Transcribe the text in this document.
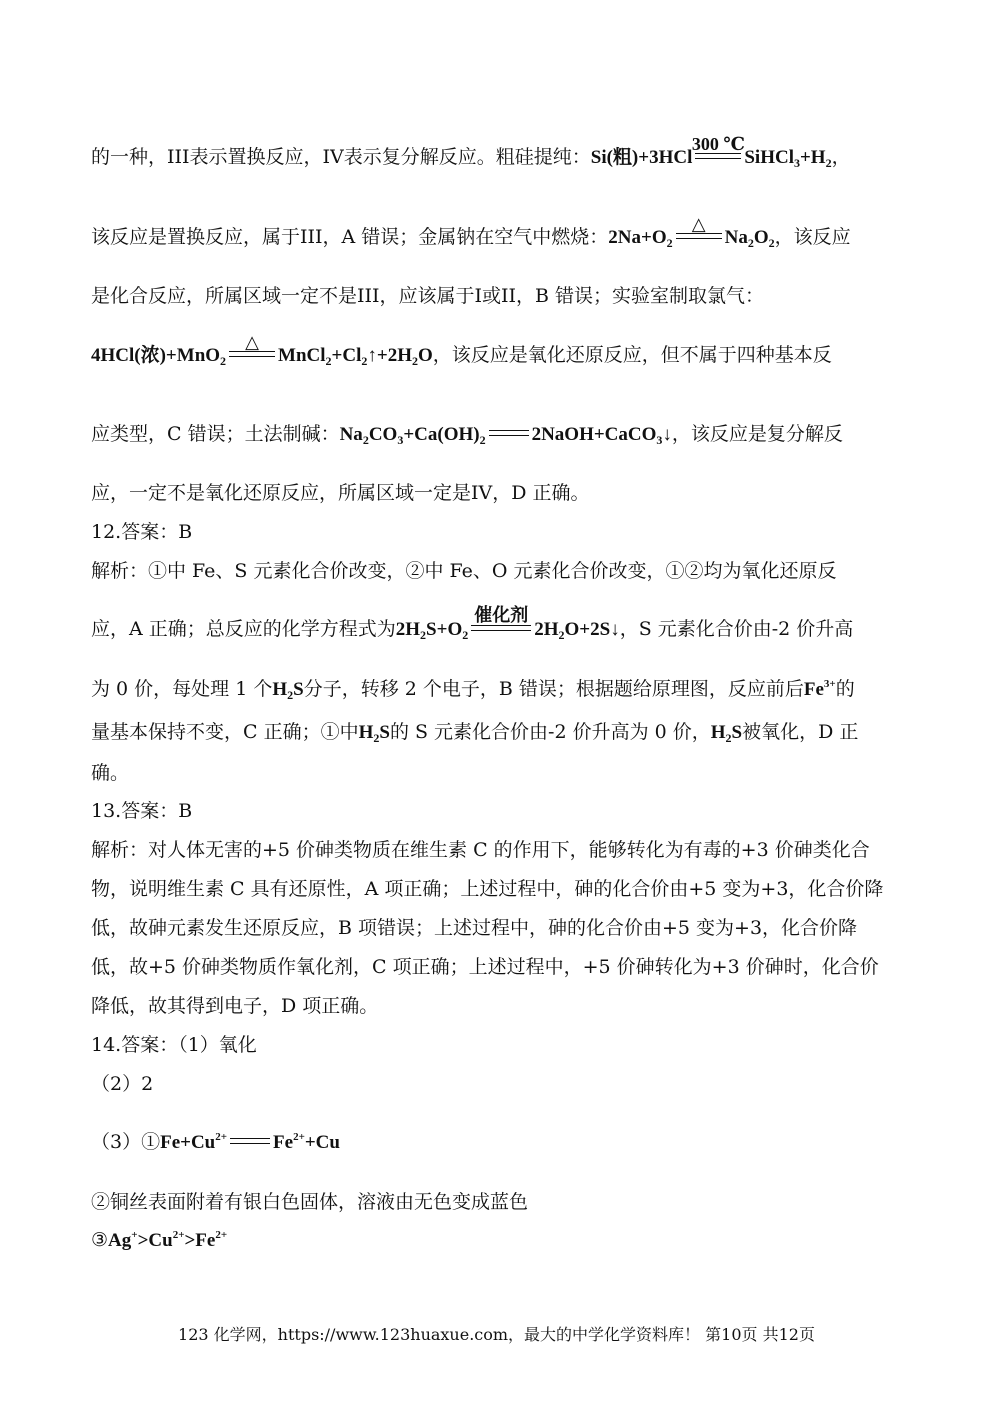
的一种，III表示置换反应，IV表示复分解反应。粗硅提纯：Si(粗)+3HCl
300 ℃
$SiHCl_3+H_2$，
该反应是置换反应，属于III，A 错误；金属钠在空气中燃烧：$2Na+O_2$
△
$Na_2O_2$，该反应
是化合反应，所属区域一定不是III，应该属于I或II，B 错误；实验室制取氯气：
4HCl(浓)+MnO$_2$
△
$MnCl_2+Cl_2↑+2H_2O$，该反应是氧化还原反应，但不属于四种基本反
应类型，C 错误；土法制碱：$Na_2CO_3+Ca(OH)_2$ 2NaOH+CaCO$_3$↓，该反应是复分解反
应，一定不是氧化还原反应，所属区域一定是IV，D 正确。
12.答案：B
解析：①中 Fe、S 元素化合价改变，②中 Fe、O 元素化合价改变，①②均为氧化还原反
应，A 正确；总反应的化学方程式为$2H_2S+O_2$
催化剂
$2H_2O+2S↓$，S 元素化合价由-2 价升高
为 0 价，每处理 1 个$H_2S$分子，转移 2 个电子，B 错误；根据题给原理图，反应前后$Fe^{3+}$的
量基本保持不变，C 正确；①中$H_2S$的 S 元素化合价由-2 价升高为 0 价，$H_2S$被氧化，D 正
确。
13.答案：B
解析：对人体无害的+5 价砷类物质在维生素 C 的作用下，能够转化为有毒的+3 价砷类化合
物，说明维生素 C 具有还原性，A 项正确；上述过程中，砷的化合价由+5 变为+3，化合价降
低，故砷元素发生还原反应，B 项错误；上述过程中，砷的化合价由+5 变为+3，化合价降
低，故+5 价砷类物质作氧化剂，C 项正确；上述过程中，+5 价砷转化为+3 价砷时，化合价
降低，故其得到电子，D 项正确。
14.答案：（1）氧化
（2）2
$(3)①Fe+Cu^{2+}$ $Fe^{2+}+Cu$
②铜丝表面附着有银白色固体，溶液由无色变成蓝色
$③Ag^+>Cu^{2+}>Fe^{2+}$
123 化学网，https://www.123huaxue.com，最大的中学化学资料库！ 第10页 共12页
